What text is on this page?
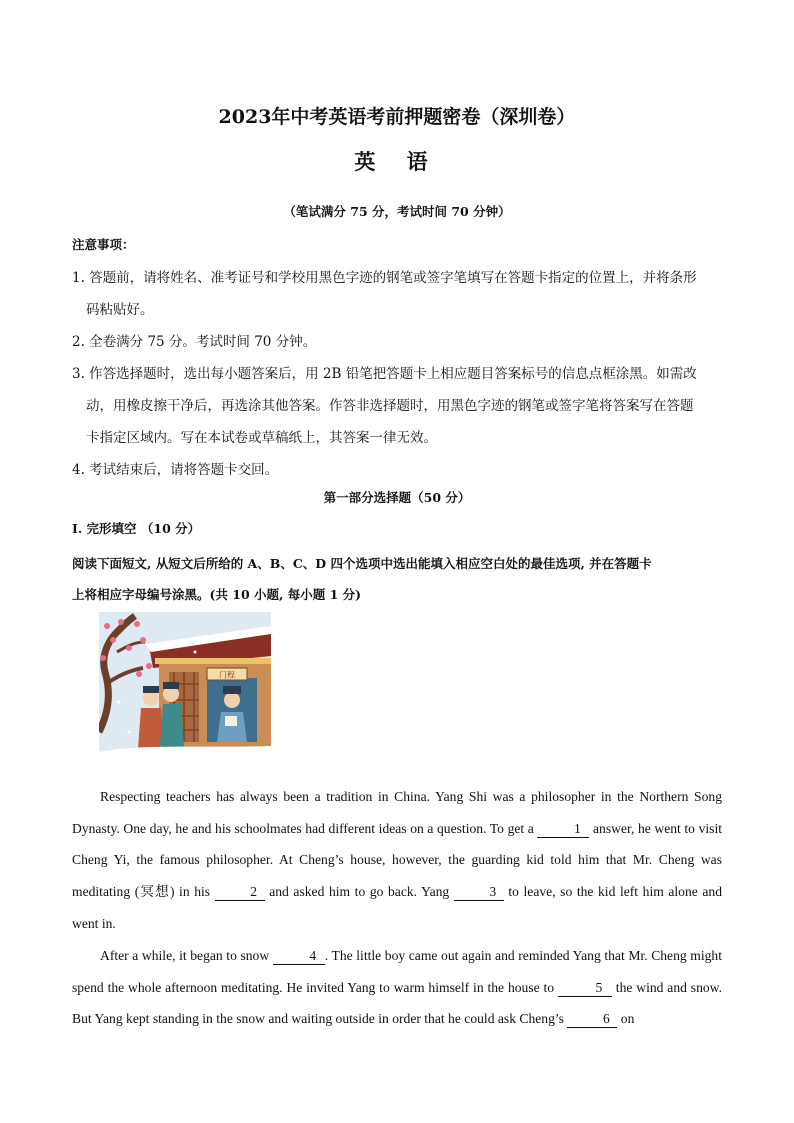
2023年中考英语考前押题密卷（深圳卷）
英 语
（笔试满分 75 分，考试时间 70 分钟）
注意事项：
1. 答题前，请将姓名、准考证号和学校用黑色字迹的钢笔或签字笔填写在答题卡指定的位置上，并将条形
码粘贴好。
2. 全卷满分 75 分。考试时间 70 分钟。
3. 作答选择题时，选出每小题答案后，用 2B 铅笔把答题卡上相应题目答案标号的信息点框涂黑。如需改
动，用橡皮擦干净后，再选涂其他答案。作答非选择题时，用黑色字迹的钢笔或签字笔将答案写在答题
卡指定区域内。写在本试卷或草稿纸上，其答案一律无效。
4. 考试结束后，请将答题卡交回。
第一部分选择题（50 分）
I. 完形填空 （10 分）
阅读下面短文, 从短文后所给的 A、B、C、D 四个选项中选出能填入相应空白处的最佳选项, 并在答题卡
上将相应字母编号涂黑。(共 10 小题, 每小题 1 分)
门程
Respecting teachers has always been a tradition in China. Yang Shi was a philosopher in the Northern Song Dynasty. One day, he and his schoolmates had different ideas on a question. To get a	1 answer, he went to visit Cheng Yi, the famous philosopher. At Cheng’s house, however, the guarding kid told him that Mr. Cheng was meditating (冥想) in his	2 and asked him to go back. Yang	3 to leave, so the kid left him alone and went in.
After a while, it began to snow	4 . The little boy came out again and reminded Yang that Mr. Cheng might spend the whole afternoon meditating. He invited Yang to warm himself in the house to	5 the wind and snow. But Yang kept standing in the snow and waiting outside in order that he could ask Cheng’s	6 on
